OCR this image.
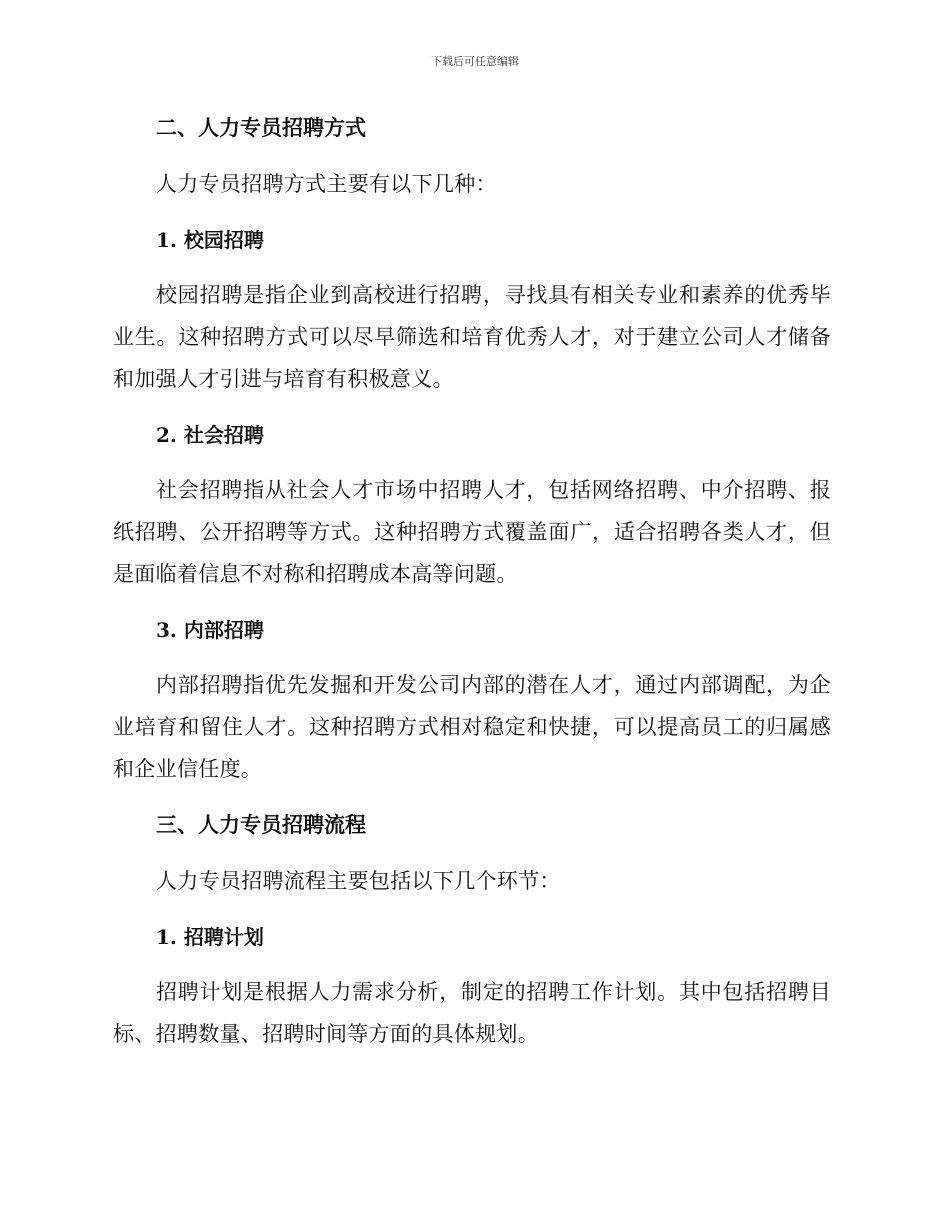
下载后可任意编辑

二、人力专员招聘方式

人力专员招聘方式主要有以下几种：

1. 校园招聘

校园招聘是指企业到高校进行招聘，寻找具有相关专业和素养的优秀毕业生。这种招聘方式可以尽早筛选和培育优秀人才，对于建立公司人才储备和加强人才引进与培育有积极意义。

2. 社会招聘

社会招聘指从社会人才市场中招聘人才，包括网络招聘、中介招聘、报纸招聘、公开招聘等方式。这种招聘方式覆盖面广，适合招聘各类人才，但是面临着信息不对称和招聘成本高等问题。

3. 内部招聘

内部招聘指优先发掘和开发公司内部的潜在人才，通过内部调配，为企业培育和留住人才。这种招聘方式相对稳定和快捷，可以提高员工的归属感和企业信任度。

三、人力专员招聘流程

人力专员招聘流程主要包括以下几个环节：

1. 招聘计划

招聘计划是根据人力需求分析，制定的招聘工作计划。其中包括招聘目标、招聘数量、招聘时间等方面的具体规划。
